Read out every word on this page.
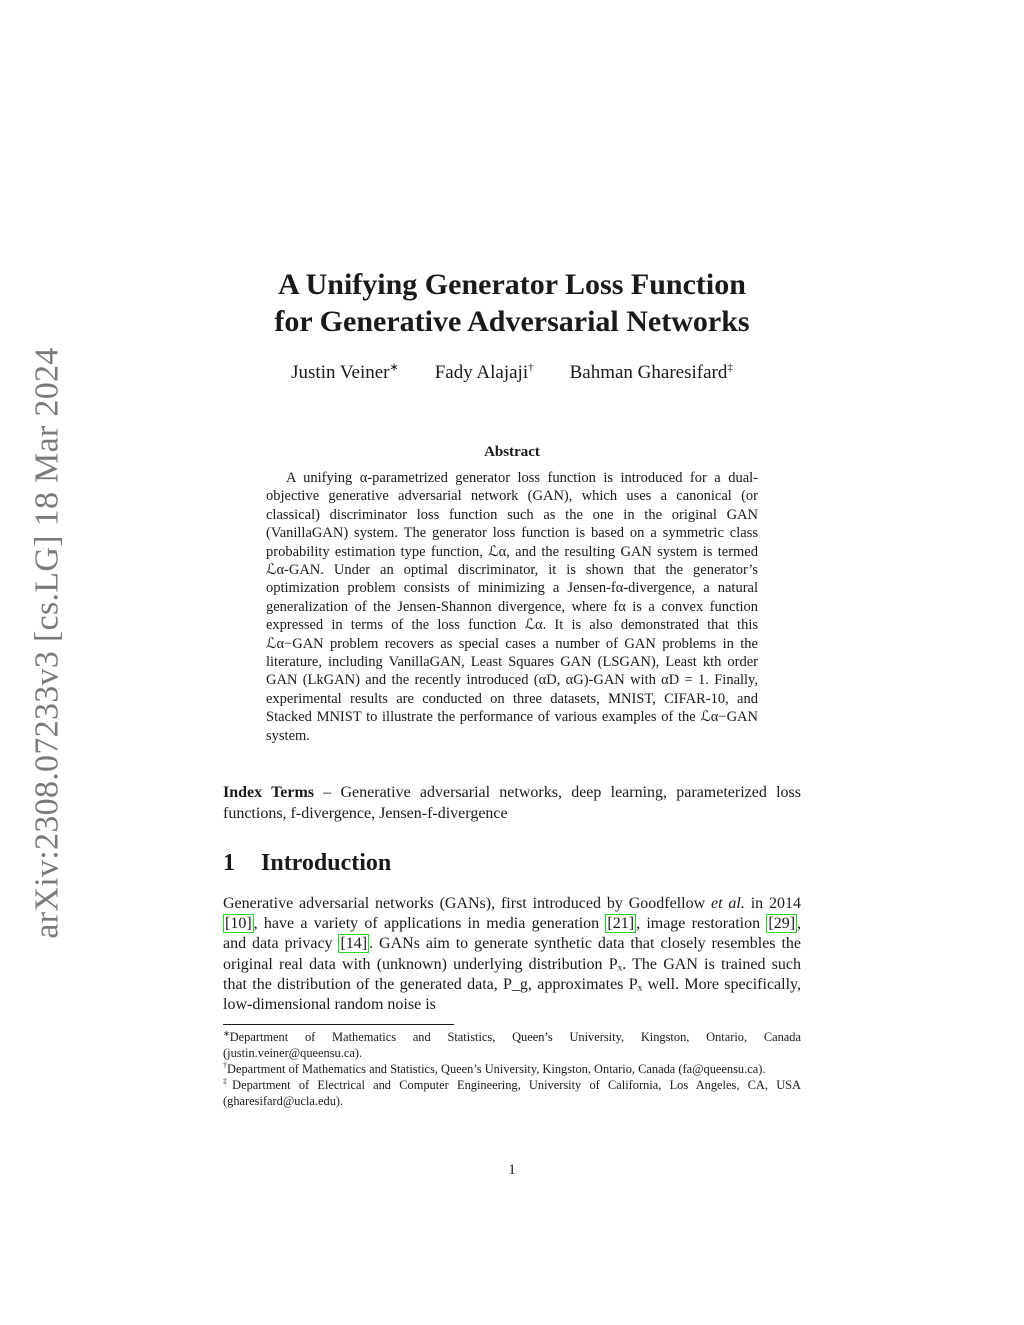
arXiv:2308.07233v3 [cs.LG] 18 Mar 2024
A Unifying Generator Loss Function
for Generative Adversarial Networks
Justin Veiner∗ Fady Alajaji† Bahman Gharesifard‡
Abstract
A unifying α-parametrized generator loss function is introduced for a dual-objective generative adversarial network (GAN), which uses a canonical (or classical) discriminator loss function such as the one in the original GAN (VanillaGAN) system. The generator loss function is based on a symmetric class probability estimation type function, ℒα, and the resulting GAN system is termed ℒα-GAN. Under an optimal discriminator, it is shown that the generator’s optimization problem consists of minimizing a Jensen-fα-divergence, a natural generalization of the Jensen-Shannon divergence, where fα is a convex function expressed in terms of the loss function ℒα. It is also demonstrated that this ℒα−GAN problem recovers as special cases a number of GAN problems in the literature, including VanillaGAN, Least Squares GAN (LSGAN), Least kth order GAN (LkGAN) and the recently introduced (αD, αG)-GAN with αD = 1. Finally, experimental results are conducted on three datasets, MNIST, CIFAR-10, and Stacked MNIST to illustrate the performance of various examples of the ℒα−GAN system.
Index Terms – Generative adversarial networks, deep learning, parameterized loss functions, f-divergence, Jensen-f-divergence
1 Introduction
Generative adversarial networks (GANs), first introduced by Goodfellow et al. in 2014 [10] , have a variety of applications in media generation [21] , image restoration [29] , and data privacy [14] . GANs aim to generate synthetic data that closely resembles the original real data with (unknown) underlying distribution Pₓ. The GAN is trained such that the distribution of the generated data, P_g, approximates Pₓ well. More specifically, low-dimensional random noise is

∗Department of Mathematics and Statistics, Queen’s University, Kingston, Ontario, Canada (justin.veiner@queensu.ca).

†Department of Mathematics and Statistics, Queen’s University, Kingston, Ontario, Canada (fa@queensu.ca).

‡Department of Electrical and Computer Engineering, University of California, Los Angeles, CA, USA (gharesifard@ucla.edu).

1
